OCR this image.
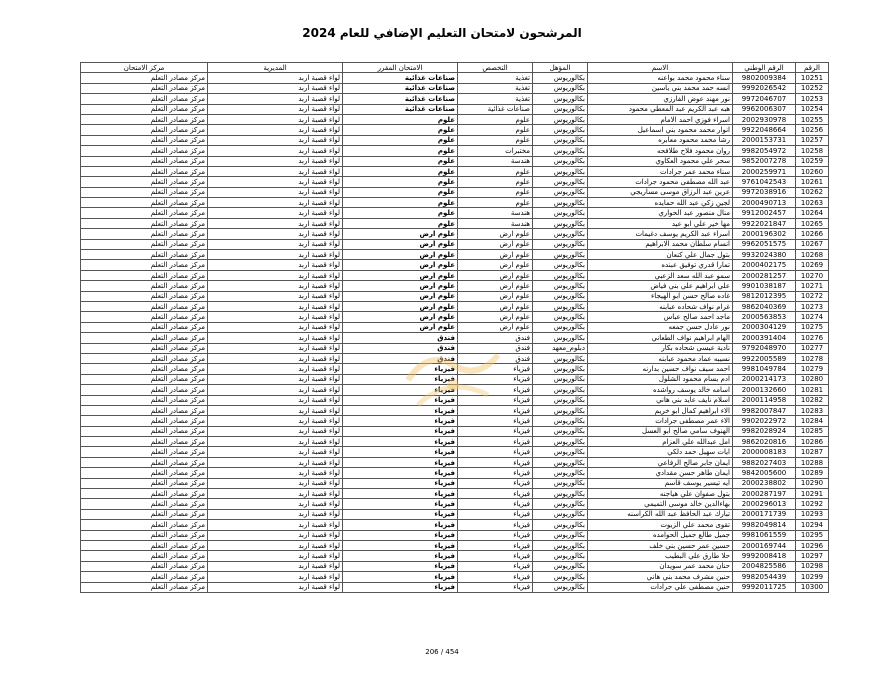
المرشحون لامتحان التعليم الإضافي للعام 2024
الرقم	الرقم الوطني	الاسم	المؤهل	التخصص	الامتحان المقرر	المديرية	مركز الامتحان
10251	9802009384	سناء محمود محمد بواعنه	بكالوريوس	تغذية	صناعات غذائية	لواء قصبة اربد	مركز مصادر التعلم
10252	9992026542	انسه حمد محمد بني ياسين	بكالوريوس	تغذية	صناعات غذائية	لواء قصبة اربد	مركز مصادر التعلم
10253	9972046707	نور مهند عوض الفارزي	بكالوريوس	تغذية	صناعات غذائية	لواء قصبة اربد	مركز مصادر التعلم
10254	9962006307	هبه عبد الكريم عبد المعطي محمود	بكالوريوس	صناعات غذائية	صناعات غذائية	لواء قصبة اربد	مركز مصادر التعلم
10255	2002930978	اسراء فوزي احمد الامام	بكالوريوس	علوم	علوم	لواء قصبة اربد	مركز مصادر التعلم
10256	9922048664	انوار محمد محمود بني اسماعيل	بكالوريوس	علوم	علوم	لواء قصبة اربد	مركز مصادر التعلم
10257	2000153731	رشا محمد محمود معابره	بكالوريوس	علوم	علوم	لواء قصبة اربد	مركز مصادر التعلم
10258	9982054972	روان محمود فلاح طلافحه	بكالوريوس	مختبرات	علوم	لواء قصبة اربد	مركز مصادر التعلم
10259	9852007278	سحر علي محمود العكاوي	بكالوريوس	هندسة	علوم	لواء قصبة اربد	مركز مصادر التعلم
10260	2000259971	سناء محمد عمر جرادات	بكالوريوس	علوم	علوم	لواء قصبة اربد	مركز مصادر التعلم
10261	9761042543	عبد الله مصطفى محمود جرادات	بكالوريوس	علوم	علوم	لواء قصبة اربد	مركز مصادر التعلم
10262	9972038916	عرين عبد الرزاق موسى مساريجي	بكالوريوس	علوم	علوم	لواء قصبة اربد	مركز مصادر التعلم
10263	2000490713	لجين زكي عبد الله حمايده	بكالوريوس	علوم	علوم	لواء قصبة اربد	مركز مصادر التعلم
10264	9912002457	منال منصور عبد الحواري	بكالوريوس	هندسة	علوم	لواء قصبة اربد	مركز مصادر التعلم
10265	9922021847	مها خير علي ابو عيد	بكالوريوس	هندسة	علوم	لواء قصبة اربد	مركز مصادر التعلم
10266	2000196302	اسراء عبد الكريم يوسف دغيمات	بكالوريوس	علوم ارض	علوم ارض	لواء قصبة اربد	مركز مصادر التعلم
10267	9962051575	انسام سلطان محمد الابراهيم	بكالوريوس	علوم ارض	علوم ارض	لواء قصبة اربد	مركز مصادر التعلم
10268	9932024380	بتول جمال علي كنعان	بكالوريوس	علوم ارض	علوم ارض	لواء قصبة اربد	مركز مصادر التعلم
10269	2000402175	تمارا قدري توفيق عبنده	بكالوريوس	علوم ارض	علوم ارض	لواء قصبة اربد	مركز مصادر التعلم
10270	2000281257	سمو عبد الله سعد الزعبي	بكالوريوس	علوم ارض	علوم ارض	لواء قصبة اربد	مركز مصادر التعلم
10271	9901038187	علي ابراهيم علي بني فياض	بكالوريوس	علوم ارض	علوم ارض	لواء قصبة اربد	مركز مصادر التعلم
10272	9812012395	غاده صالح حسن ابو الهيجاء	بكالوريوس	علوم ارض	علوم ارض	لواء قصبة اربد	مركز مصادر التعلم
10273	9862040369	غرام نواف شحاده عبابنه	بكالوريوس	علوم ارض	علوم ارض	لواء قصبة اربد	مركز مصادر التعلم
10274	2000563853	ماجد احمد صالح عباس	بكالوريوس	علوم ارض	علوم ارض	لواء قصبة اربد	مركز مصادر التعلم
10275	2000304129	نور عادل حسن جمعه	بكالوريوس	علوم ارض	علوم ارض	لواء قصبة اربد	مركز مصادر التعلم
10276	2000391404	الهام ابراهيم نواف الطعاني	بكالوريوس	فندق	فندق	لواء قصبة اربد	مركز مصادر التعلم
10277	9792048970	نادية عيسى شحاده بكار	دبلوم_معهد	فندق	فندق	لواء قصبة اربد	مركز مصادر التعلم
10278	9922005589	نسيبه عماد محمود عبابنه	بكالوريوس	فندق	فندق	لواء قصبة اربد	مركز مصادر التعلم
10279	9981049784	احمد سيف نواف حسين بدارنه	بكالوريوس	فيزياء	فيزياء	لواء قصبة اربد	مركز مصادر التعلم
10280	2000214173	ادم بسام محمود الشلول	بكالوريوس	فيزياء	فيزياء	لواء قصبة اربد	مركز مصادر التعلم
10281	2000132660	اسامه خالد يوسف رواشده	بكالوريوس	فيزياء	فيزياء	لواء قصبة اربد	مركز مصادر التعلم
10282	2000114958	اسلام نايف عايد بني هاني	بكالوريوس	فيزياء	فيزياء	لواء قصبة اربد	مركز مصادر التعلم
10283	9982007847	الاء ابراهيم كمال ابو خريم	بكالوريوس	فيزياء	فيزياء	لواء قصبة اربد	مركز مصادر التعلم
10284	9902022972	الاء عمر مصطفى جرادات	بكالوريوس	فيزياء	فيزياء	لواء قصبة اربد	مركز مصادر التعلم
10285	9982028924	الهنوف سامي صالح ابو العسل	بكالوريوس	فيزياء	فيزياء	لواء قصبة اربد	مركز مصادر التعلم
10286	9862020816	امل عبدالله علي العزام	بكالوريوس	فيزياء	فيزياء	لواء قصبة اربد	مركز مصادر التعلم
10287	2000008183	ايات سهيل حمد دلكي	بكالوريوس	فيزياء	فيزياء	لواء قصبة اربد	مركز مصادر التعلم
10288	9882027403	ايمان جابر صالح الرفاعي	بكالوريوس	فيزياء	فيزياء	لواء قصبة اربد	مركز مصادر التعلم
10289	9842005600	ايمان طاهر حسن مقدادي	بكالوريوس	فيزياء	فيزياء	لواء قصبة اربد	مركز مصادر التعلم
10290	2000238802	ايه تيسير يوسف قاسم	بكالوريوس	فيزياء	فيزياء	لواء قصبة اربد	مركز مصادر التعلم
10291	2000287197	بتول صفوان علي هياجنه	بكالوريوس	فيزياء	فيزياء	لواء قصبة اربد	مركز مصادر التعلم
10292	2000296013	بهاءالدين خالد موسى التميمي	بكالوريوس	فيزياء	فيزياء	لواء قصبة اربد	مركز مصادر التعلم
10293	2000171739	تبارك عبد الحافظ عبد الله الكراسنه	بكالوريوس	فيزياء	فيزياء	لواء قصبة اربد	مركز مصادر التعلم
10294	9982049814	تقوى محمد علي الزيوت	بكالوريوس	فيزياء	فيزياء	لواء قصبة اربد	مركز مصادر التعلم
10295	9981061559	جميل طالع جميل الحوامده	بكالوريوس	فيزياء	فيزياء	لواء قصبة اربد	مركز مصادر التعلم
10296	2000169744	حسين عمر حسين بني خلف	بكالوريوس	فيزياء	فيزياء	لواء قصبة اربد	مركز مصادر التعلم
10297	9992008418	حلا طارق علي البطيب	بكالوريوس	فيزياء	فيزياء	لواء قصبة اربد	مركز مصادر التعلم
10298	2004825586	حنان محمد عمر سويدان	بكالوريوس	فيزياء	فيزياء	لواء قصبة اربد	مركز مصادر التعلم
10299	9982054439	حنين مشرف محمد بني هاني	بكالوريوس	فيزياء	فيزياء	لواء قصبة اربد	مركز مصادر التعلم
10300	9992011725	حنين مصطفى علي جرادات	بكالوريوس	فيزياء	فيزياء	لواء قصبة اربد	مركز مصادر التعلم
206 / 454
